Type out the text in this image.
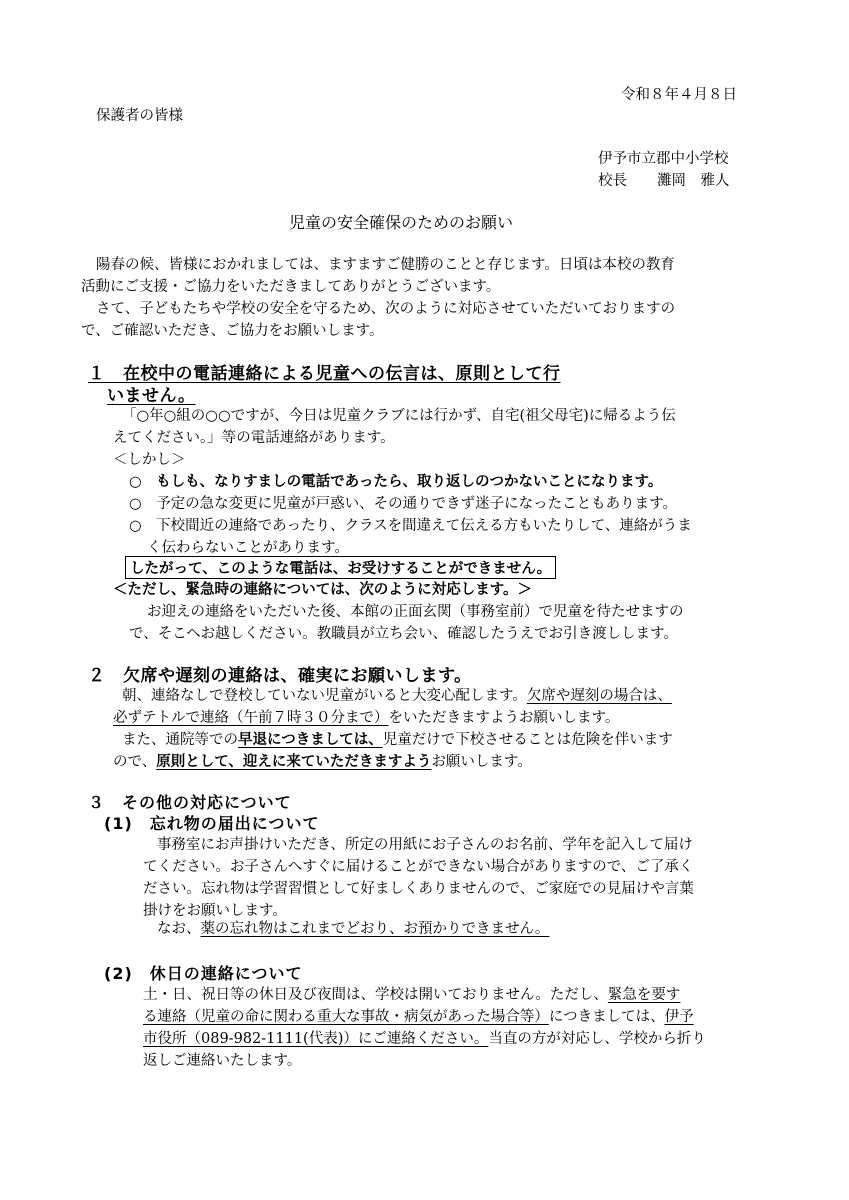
令和８年４月８日
保護者の皆様
伊予市立郡中小学校
校長 灘岡　雅人
児童の安全確保のためのお願い
陽春の候、皆様におかれましては、ますますご健勝のことと存じます。日頃は本校の教育
活動にご支援・ご協力をいただきましてありがとうございます。
さて、子どもたちや学校の安全を守るため、次のように対応させていただいておりますの
で、ご確認いただき、ご協力をお願いします。
１　在校中の電話連絡による児童への伝言は、原則として行
いません。
「○年○組の○○ですが、今日は児童クラブには行かず、自宅(祖父母宅)に帰るよう伝
えてください。」等の電話連絡があります。
＜しかし＞
○　もしも、なりすましの電話であったら、取り返しのつかないことになります。
○　予定の急な変更に児童が戸惑い、その通りできず迷子になったこともあります。
○　下校間近の連絡であったり、クラスを間違えて伝える方もいたりして、連絡がうま
く伝わらないことがあります。
したがって、このような電話は、お受けすることができません。
＜ただし、緊急時の連絡については、次のように対応します。＞
お迎えの連絡をいただいた後、本館の正面玄関（事務室前）で児童を待たせますの
で、そこへお越しください。教職員が立ち会い、確認したうえでお引き渡しします。
２　欠席や遅刻の連絡は、確実にお願いします。
朝、連絡なしで登校していない児童がいると大変心配します。欠席や遅刻の場合は、
必ずテトルで連絡（午前７時３０分まで）をいただきますようお願いします。
また、通院等での早退につきましては、児童だけで下校させることは危険を伴います
ので、原則として、迎えに来ていただきますようお願いします。
３　その他の対応について
(1)　忘れ物の届出について
事務室にお声掛けいただき、所定の用紙にお子さんのお名前、学年を記入して届け
てください。お子さんへすぐに届けることができない場合がありますので、ご了承く
ださい。忘れ物は学習習慣として好ましくありませんので、ご家庭での見届けや言葉
掛けをお願いします。
なお、薬の忘れ物はこれまでどおり、お預かりできません。
(2)　休日の連絡について
土・日、祝日等の休日及び夜間は、学校は開いておりません。ただし、緊急を要す
る連絡（児童の命に関わる重大な事故・病気があった場合等）につきましては、伊予
市役所（089-982-1111(代表)）にご連絡ください。当直の方が対応し、学校から折り
返しご連絡いたします。
